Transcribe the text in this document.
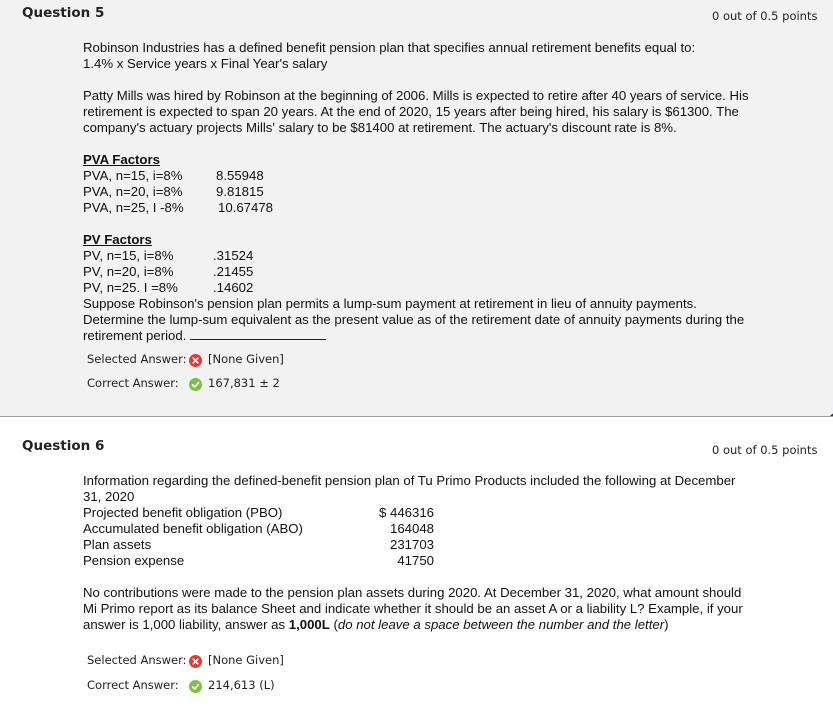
Question 5	0 out of 0.5 points
Robinson Industries has a defined benefit pension plan that specifies annual retirement benefits equal to:
1.4% x Service years x Final Year's salary
Patty Mills was hired by Robinson at the beginning of 2006. Mills is expected to retire after 40 years of service. His
retirement is expected to span 20 years. At the end of 2020, 15 years after being hired, his salary is $61300. The
company's actuary projects Mills' salary to be $81400 at retirement. The actuary's discount rate is 8%.
PVA Factors
PVA, n=15, i=8%	8.55948
PVA, n=20, i=8%	9.81815
PVA, n=25, I -8%	10.67478
PV Factors
PV, n=15, i=8%	.31524
PV, n=20, i=8%	.21455
PV, n=25. I =8%	.14602
Suppose Robinson's pension plan permits a lump-sum payment at retirement in lieu of annuity payments.
Determine the lump-sum equivalent as the present value as of the retirement date of annuity payments during the
retirement period.
Selected Answer: [None Given]
Correct Answer:	167,831 ± 2
Question 6	0 out of 0.5 points
Information regarding the defined-benefit pension plan of Tu Primo Products included the following at December
31, 2020
Projected benefit obligation (PBO)	$ 446316
Accumulated benefit obligation (ABO)	164048
Plan assets	231703
Pension expense	41750
No contributions were made to the pension plan assets during 2020. At December 31, 2020, what amount should
Mi Primo report as its balance Sheet and indicate whether it should be an asset A or a liability L? Example, if your
answer is 1,000 liability, answer as 1,000L (do not leave a space between the number and the letter)
Selected Answer: [None Given]
Correct Answer:	214,613 (L)
